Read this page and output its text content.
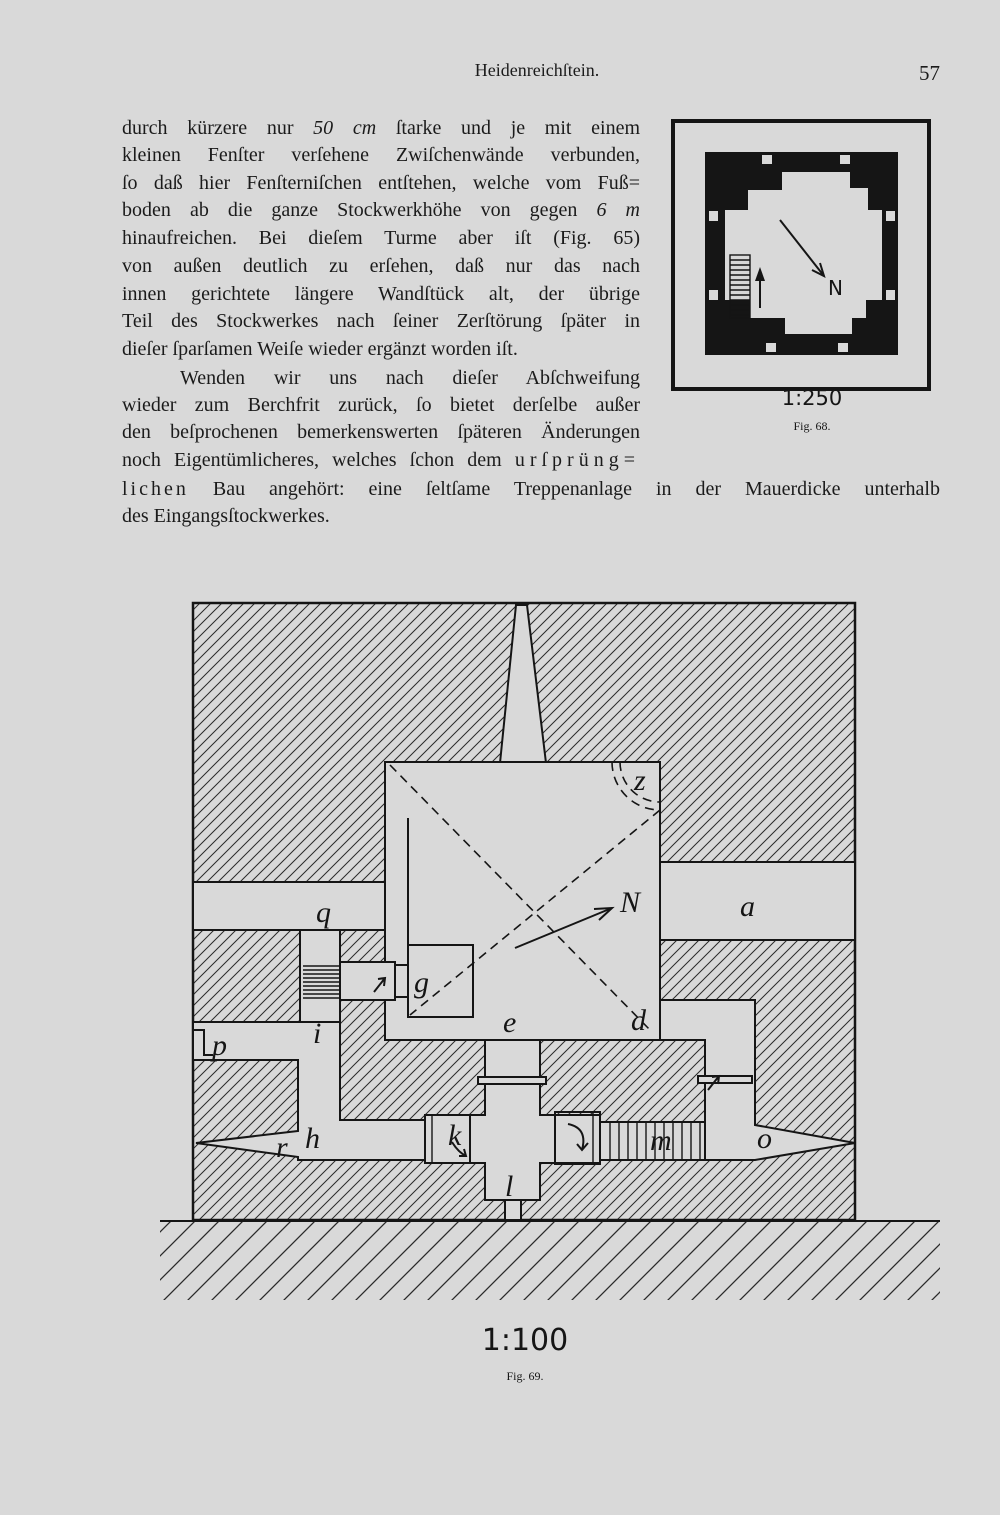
N
1:250
Fig. 68.
z
N	a
q
g
p	i	e	d
h
r	k	m	o
l
1:100
Fig. 69.
Heidenreichſtein.	57
durch kürzere nur 50 cm ſtarke und je mit einem
kleinen Fenſter verſehene Zwiſchenwände verbunden,
ſo daß hier Fenſterniſchen entſtehen, welche vom Fuß=
boden ab die ganze Stockwerkhöhe von gegen 6 m
hinaufreichen. Bei dieſem Turme aber iſt (Fig. 65)
von außen deutlich zu erſehen, daß nur das nach
innen gerichtete längere Wandſtück alt, der übrige
Teil des Stockwerkes nach ſeiner Zerſtörung ſpäter in
dieſer ſparſamen Weiſe wieder ergänzt worden iſt.
Wenden wir uns nach dieſer Abſchweifung
wieder zum Berchfrit zurück, ſo bietet derſelbe außer
den beſprochenen bemerkenswerten ſpäteren Änderungen
noch Eigentümlicheres, welches ſchon dem urſprüng=
lichen Bau angehört: eine ſeltſame Treppenanlage in der Mauerdicke unterhalb
des Eingangsſtockwerkes.
